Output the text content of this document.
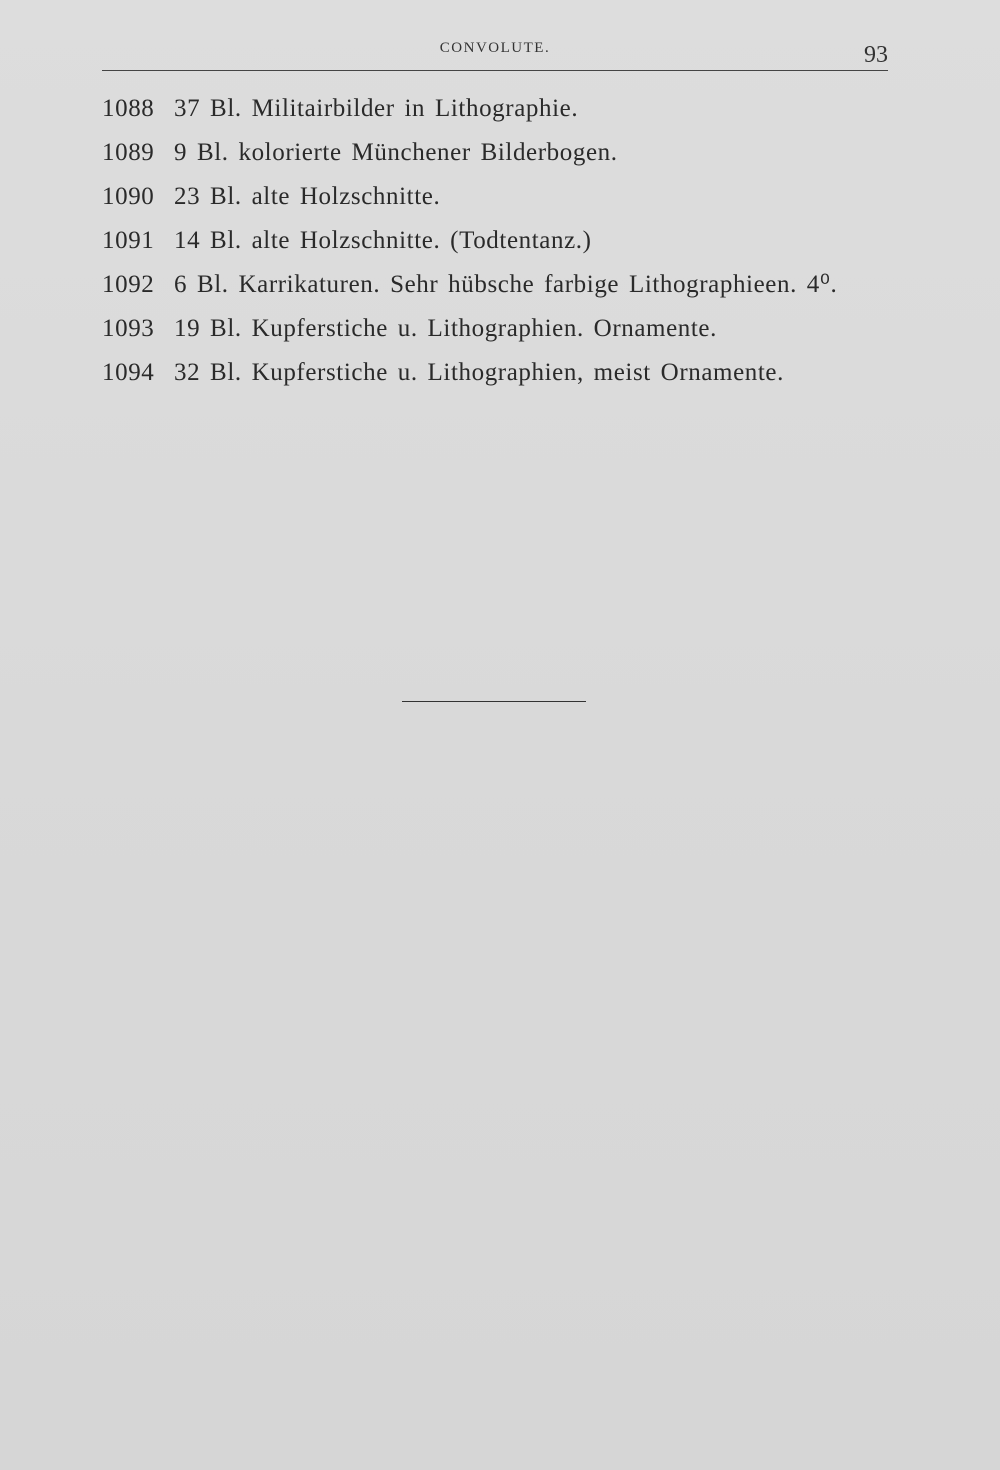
CONVOLUTE.	93
1088 37 Bl. Militairbilder in Lithographie.
1089 9 Bl. kolorierte Münchener Bilderbogen.
1090 23 Bl. alte Holzschnitte.
1091 14 Bl. alte Holzschnitte. (Todtentanz.)
1092 6 Bl. Karrikaturen. Sehr hübsche farbige Lithographieen. 4⁰.
1093 19 Bl. Kupferstiche u. Lithographien. Ornamente.
1094 32 Bl. Kupferstiche u. Lithographien, meist Ornamente.
